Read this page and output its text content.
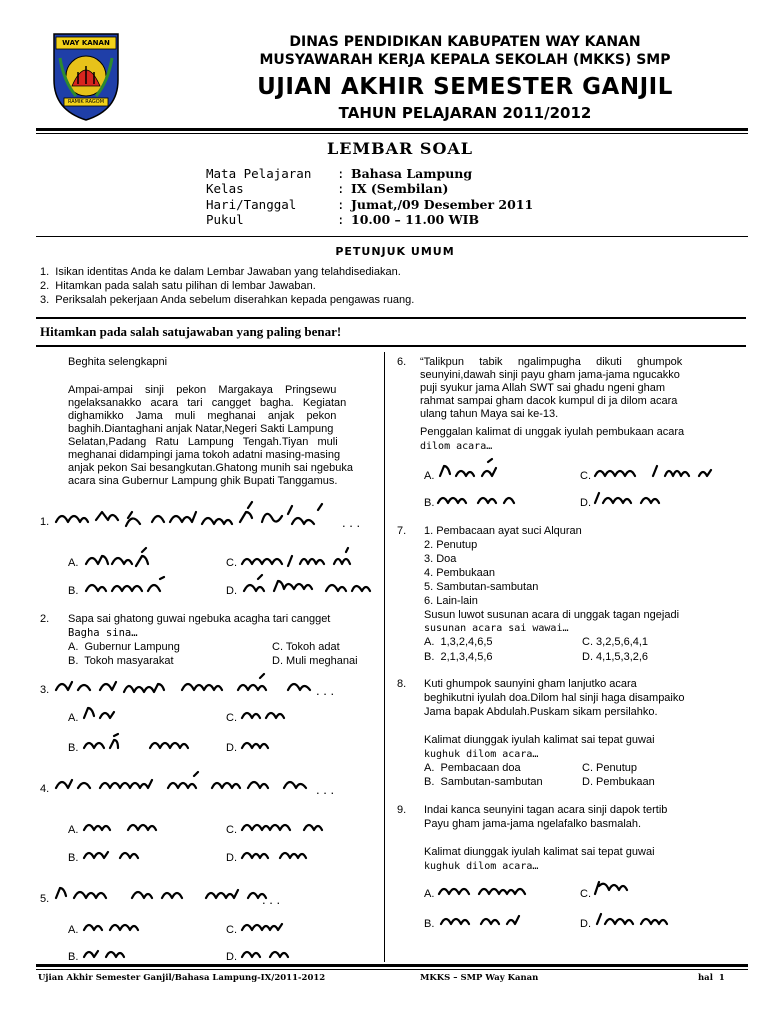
WAY KANAN
RAMIK RAGOM
DINAS PENDIDIKAN KABUPATEN WAY KANAN
MUSYAWARAH KERJA KEPALA SEKOLAH (MKKS) SMP
UJIAN AKHIR SEMESTER GANJIL
TAHUN PELAJARAN 2011/2012
LEMBAR SOAL
Mata Pelajaran	: Bahasa Lampung
Kelas	: IX (Sembilan)
Hari/Tanggal	: Jumat,/09 Desember 2011
Pukul	: 10.00 – 11.00 WIB
PETUNJUK UMUM
1.  Isikan identitas Anda ke dalam Lembar Jawaban yang telahdisediakan.
2.  Hitamkan pada salah satu pilihan di lembar Jawaban.
3.  Periksalah pekerjaan Anda sebelum diserahkan kepada pengawas ruang.
Hitamkan pada salah satujawaban yang paling benar!
Beghita selengkapni
Ampai-ampai    sinji    pekon    Margakaya    Pringsewu
ngelaksanakko   acara   tari   cangget   bagha.   Kegiatan
dighamikko    Jama    muli    meghanai    anjak    pekon
baghih.Diantaghani anjak Natar,Negeri Sakti Lampung
Selatan,Padang   Ratu   Lampung   Tengah.Tiyan   muli
meghanai didampingi jama tokoh adatni masing-masing
anjak pekon Sai besangkutan.Ghatong munih sai ngebuka
acara sina Gubernur Lampung ghik Bupati Tanggamus.
1.	. . .
A.	C.
B.	D.
2. Sapa sai ghatong guwai ngebuka acagha tari cangget
Bagha sina…
A.  Gubernur Lampung	C. Tokoh adat
B.  Tokoh masyarakat	D. Muli meghanai
3.	. . .
A.	C.
B.	D.
4.	. . .
A.	C.
B.	D.
5.	. . .
A.	C.
B.	D.
6. “Talikpun     tabik     ngalimpugha     dikuti     ghumpok
seunyini,dawah sinji payu gham jama-jama ngucakko
puji syukur jama Allah SWT sai ghadu ngeni gham
rahmat sampai gham dacok kumpul di ja dilom acara
ulang tahun Maya sai ke-13.
Penggalan kalimat di unggak iyulah pembukaan acara
dilom acara…
A.	C.
B.	D.
7. 1. Pembacaan ayat suci Alquran
2. Penutup
3. Doa
4. Pembukaan
5. Sambutan-sambutan
6. Lain-lain
Susun luwot susunan acara di unggak tagan ngejadi
susunan acara sai wawai…
A.  1,3,2,4,6,5	C. 3,2,5,6,4,1
B.  2,1,3,4,5,6	D. 4,1,5,3,2,6
8. Kuti ghumpok saunyini gham lanjutko acara
beghikutni iyulah doa.Dilom hal sinji haga disampaiko
Jama bapak Abdulah.Puskam sikam persilahko.
Kalimat diunggak iyulah kalimat sai tepat guwai
kughuk dilom acara…
A.  Pembacaan doa	C. Penutup
B.  Sambutan-sambutan	D. Pembukaan
9. Indai kanca seunyini tagan acara sinji dapok tertib
Payu gham jama-jama ngelafalko basmalah.
Kalimat diunggak iyulah kalimat sai tepat guwai
kughuk dilom acara…
A.	C.
B.	D.
Ujian Akhir Semester Ganjil/Bahasa Lampung-IX/2011-2012	MKKS – SMP Way Kanan	hal  1
